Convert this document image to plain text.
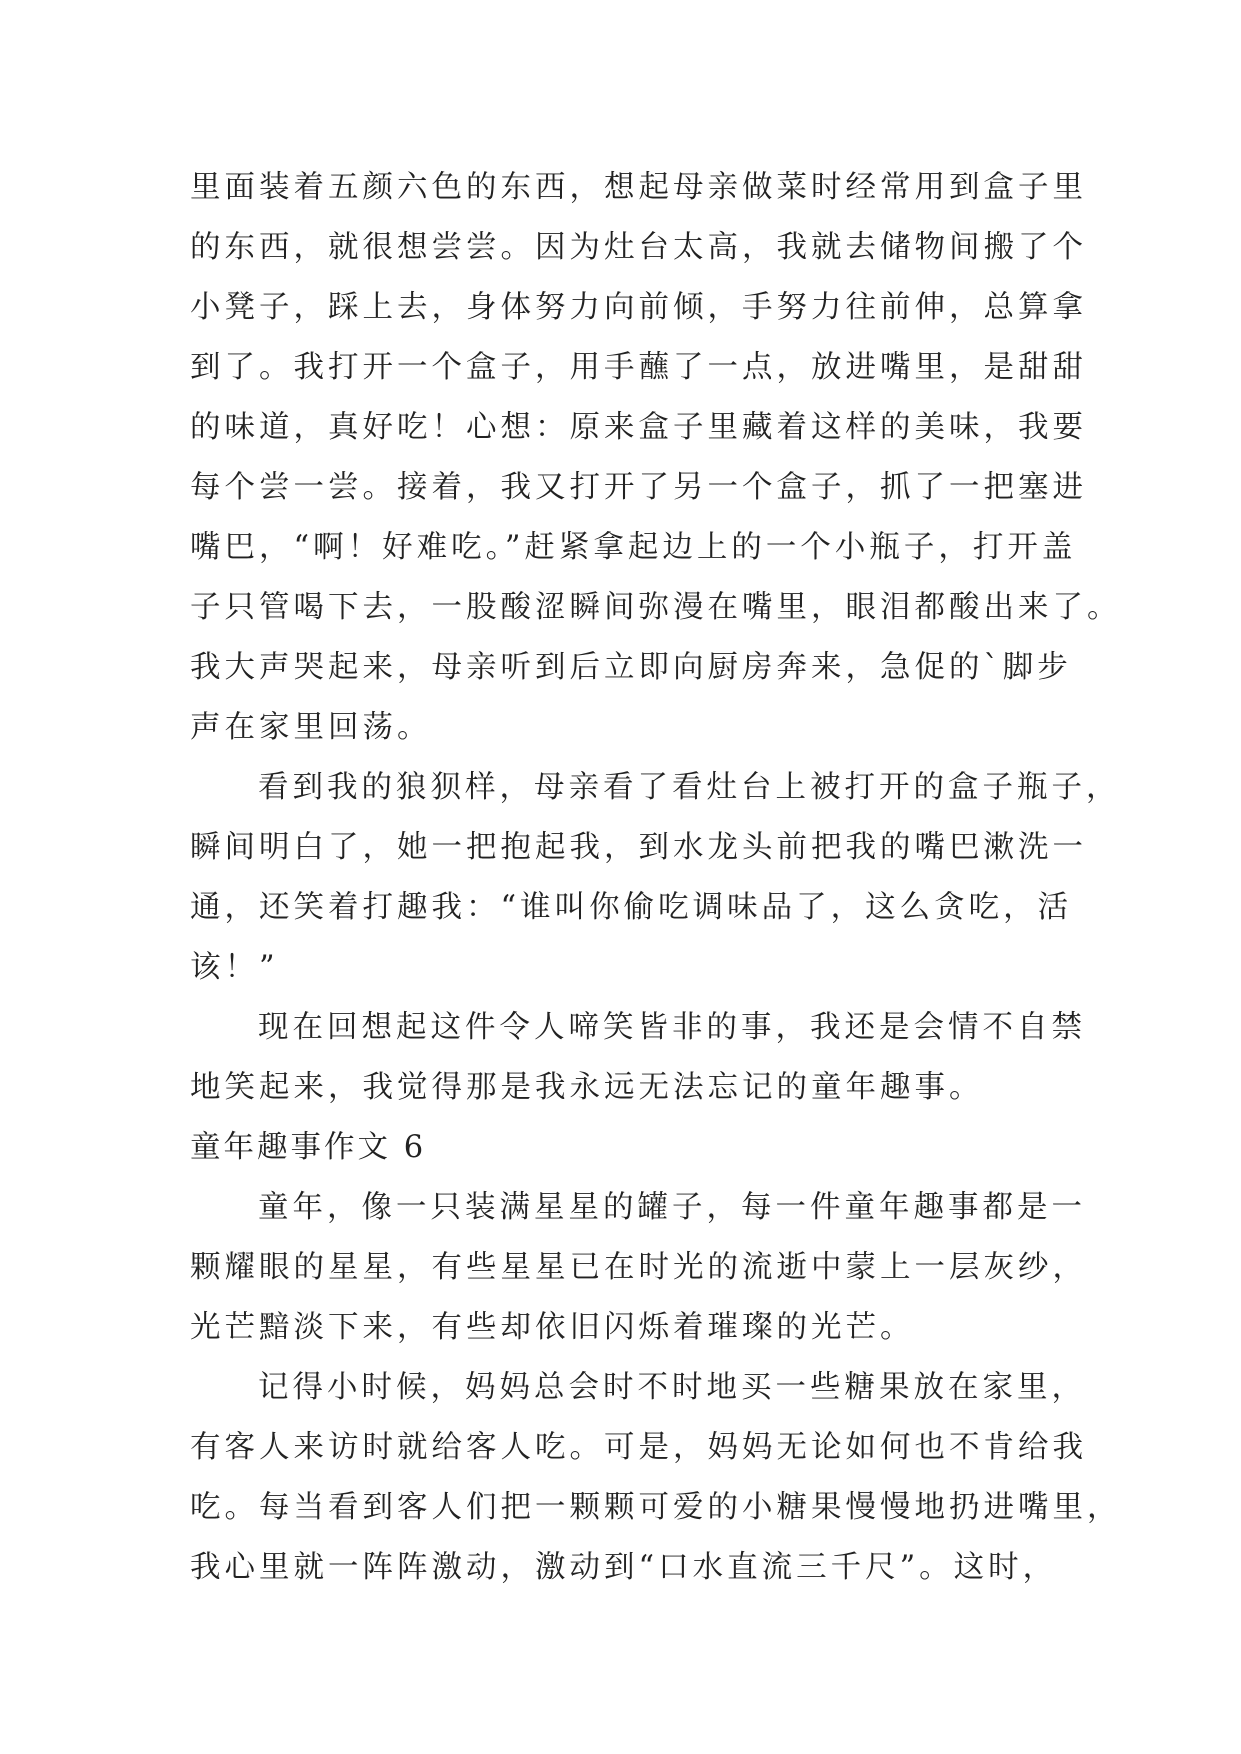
里面装着五颜六色的东西，想起母亲做菜时经常用到盒子里
的东西，就很想尝尝。因为灶台太高，我就去储物间搬了个
小凳子，踩上去，身体努力向前倾，手努力往前伸，总算拿
到了。我打开一个盒子，用手蘸了一点，放进嘴里，是甜甜
的味道，真好吃！心想：原来盒子里藏着这样的美味，我要
每个尝一尝。接着，我又打开了另一个盒子，抓了一把塞进
嘴巴，“啊！好难吃。”赶紧拿起边上的一个小瓶子，打开盖
子只管喝下去，一股酸涩瞬间弥漫在嘴里，眼泪都酸出来了。
我大声哭起来，母亲听到后立即向厨房奔来，急促的`脚步
声在家里回荡。
看到我的狼狈样，母亲看了看灶台上被打开的盒子瓶子，
瞬间明白了，她一把抱起我，到水龙头前把我的嘴巴漱洗一
通，还笑着打趣我：“谁叫你偷吃调味品了，这么贪吃，活
该！”
现在回想起这件令人啼笑皆非的事，我还是会情不自禁
地笑起来，我觉得那是我永远无法忘记的童年趣事。
童年趣事作文 6
童年，像一只装满星星的罐子，每一件童年趣事都是一
颗耀眼的星星，有些星星已在时光的流逝中蒙上一层灰纱，
光芒黯淡下来，有些却依旧闪烁着璀璨的光芒。
记得小时候，妈妈总会时不时地买一些糖果放在家里，
有客人来访时就给客人吃。可是，妈妈无论如何也不肯给我
吃。每当看到客人们把一颗颗可爱的小糖果慢慢地扔进嘴里，
我心里就一阵阵激动，激动到“口水直流三千尺”。这时，
